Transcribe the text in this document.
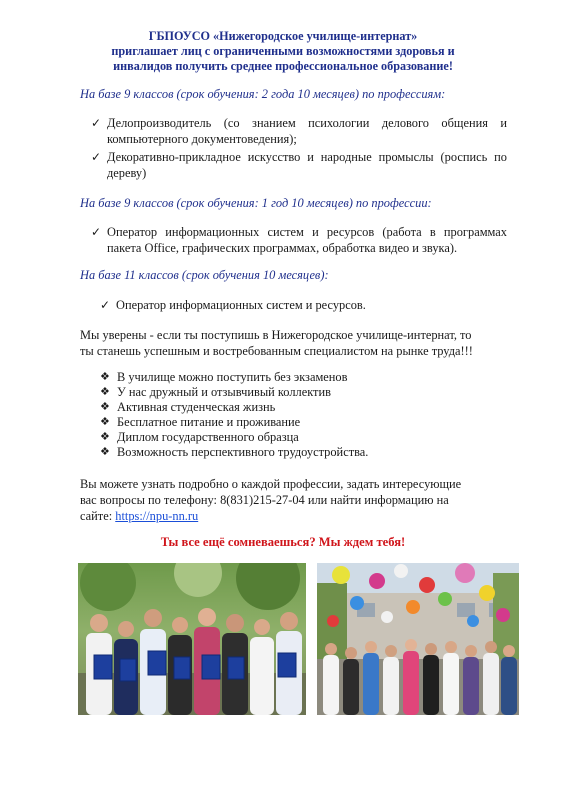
ГБПОУСО «Нижегородское училище-интернат»
приглашает лиц с ограниченными возможностями здоровья и
инвалидов получить среднее профессиональное образование!
На базе 9 классов (срок обучения: 2 года 10 месяцев) по профессиям:
✓ Делопроизводитель (со знанием психологии делового общения и компьютерного документоведения);
✓ Декоративно-прикладное искусство и народные промыслы (роспись по дереву)
На базе 9 классов (срок обучения: 1 год 10 месяцев) по профессии:
✓ Оператор информационных систем и ресурсов (работа в программах пакета Office, графических программах, обработка видео и звука).
На базе 11 классов (срок обучения 10 месяцев):
✓ Оператор информационных систем и ресурсов.
Мы уверены - если ты поступишь в Нижегородское училище-интернат, то
ты станешь успешным и востребованным специалистом на рынке труда!!!
❖ В училище можно поступить без экзаменов
❖ У нас дружный и отзывчивый коллектив
❖ Активная студенческая жизнь
❖ Бесплатное питание и проживание
❖ Диплом государственного образца
❖ Возможность перспективного трудоустройства.
Вы можете узнать подробно о каждой профессии, задать интересующие
вас вопросы по телефону: 8(831)215-27-04 или найти информацию на
сайте: https://npu-nn.ru
Ты все ещё сомневаешься? Мы ждем тебя!
